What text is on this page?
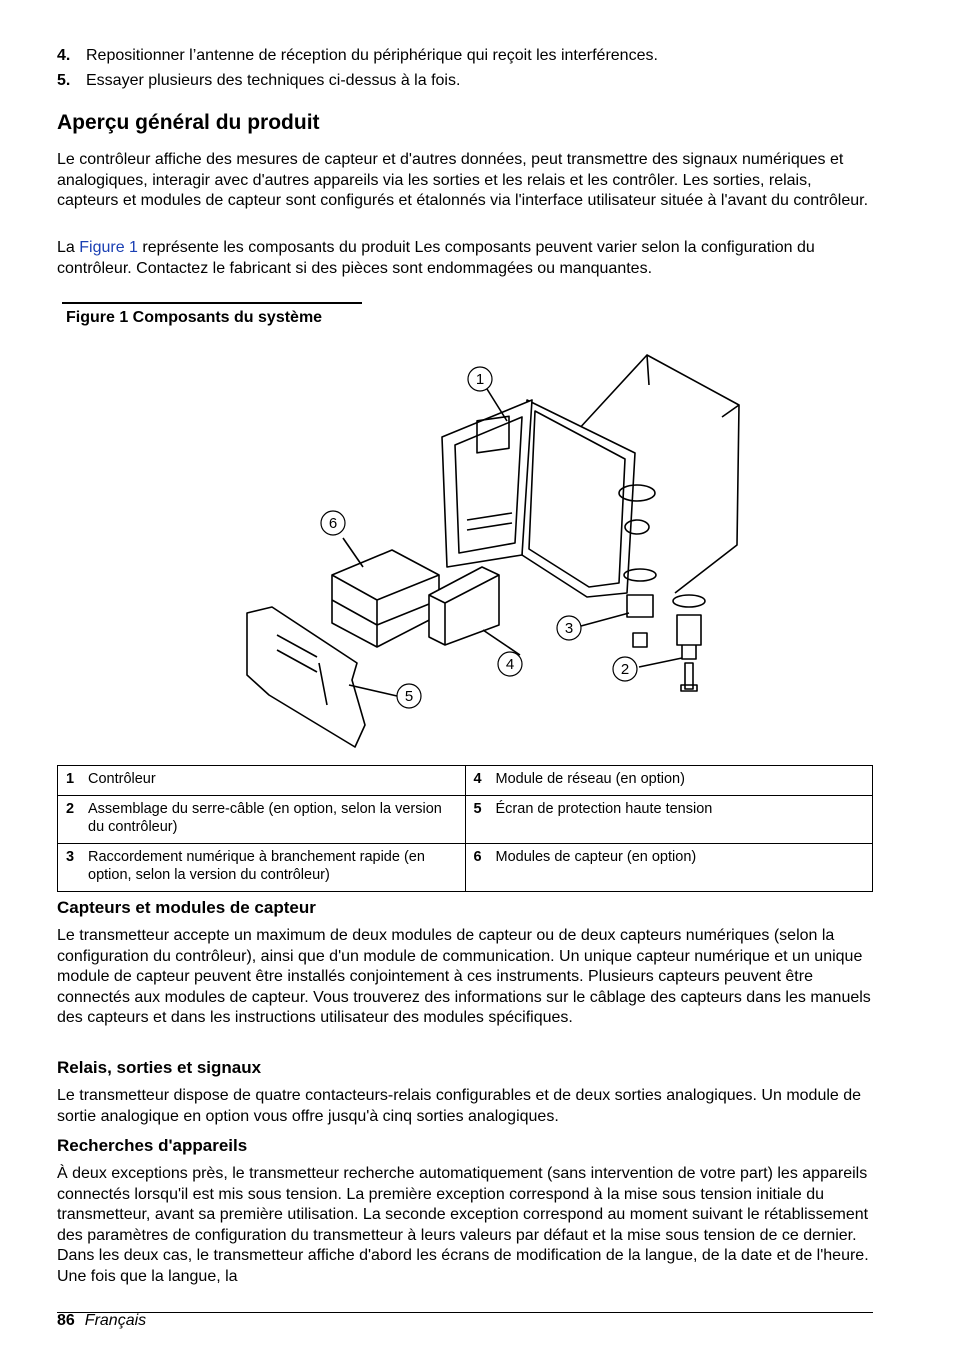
4. Repositionner l’antenne de réception du périphérique qui reçoit les interférences.
5. Essayer plusieurs des techniques ci-dessus à la fois.
Aperçu général du produit

Le contrôleur affiche des mesures de capteur et d'autres données, peut transmettre des signaux numériques et analogiques, interagir avec d'autres appareils via les sorties et les relais et les contrôler. Les sorties, relais, capteurs et modules de capteur sont configurés et étalonnés via l'interface utilisateur située à l'avant du contrôleur.

La Figure 1 représente les composants du produit Les composants peuvent varier selon la configuration du contrôleur. Contactez le fabricant si des pièces sont endommagées ou manquantes.

Figure 1 Composants du système
1
2
3
4
5
6
1 Contrôleur	4 Module de réseau (en option)
2 Assemblage du serre-câble (en option, selon la version du contrôleur)	5 Écran de protection haute tension
3 Raccordement numérique à branchement rapide (en option, selon la version du contrôleur)	6 Modules de capteur (en option)
Capteurs et modules de capteur

Le transmetteur accepte un maximum de deux modules de capteur ou de deux capteurs numériques (selon la configuration du contrôleur), ainsi que d'un module de communication. Un unique capteur numérique et un unique module de capteur peuvent être installés conjointement à ces instruments. Plusieurs capteurs peuvent être connectés aux modules de capteur. Vous trouverez des informations sur le câblage des capteurs dans les manuels des capteurs et dans les instructions utilisateur des modules spécifiques.

Relais, sorties et signaux

Le transmetteur dispose de quatre contacteurs-relais configurables et de deux sorties analogiques. Un module de sortie analogique en option vous offre jusqu'à cinq sorties analogiques.

Recherches d'appareils

À deux exceptions près, le transmetteur recherche automatiquement (sans intervention de votre part) les appareils connectés lorsqu'il est mis sous tension. La première exception correspond à la mise sous tension initiale du transmetteur, avant sa première utilisation. La seconde exception correspond au moment suivant le rétablissement des paramètres de configuration du transmetteur à leurs valeurs par défaut et la mise sous tension de ce dernier. Dans les deux cas, le transmetteur affiche d'abord les écrans de modification de la langue, de la date et de l'heure. Une fois que la langue, la

86 Français
